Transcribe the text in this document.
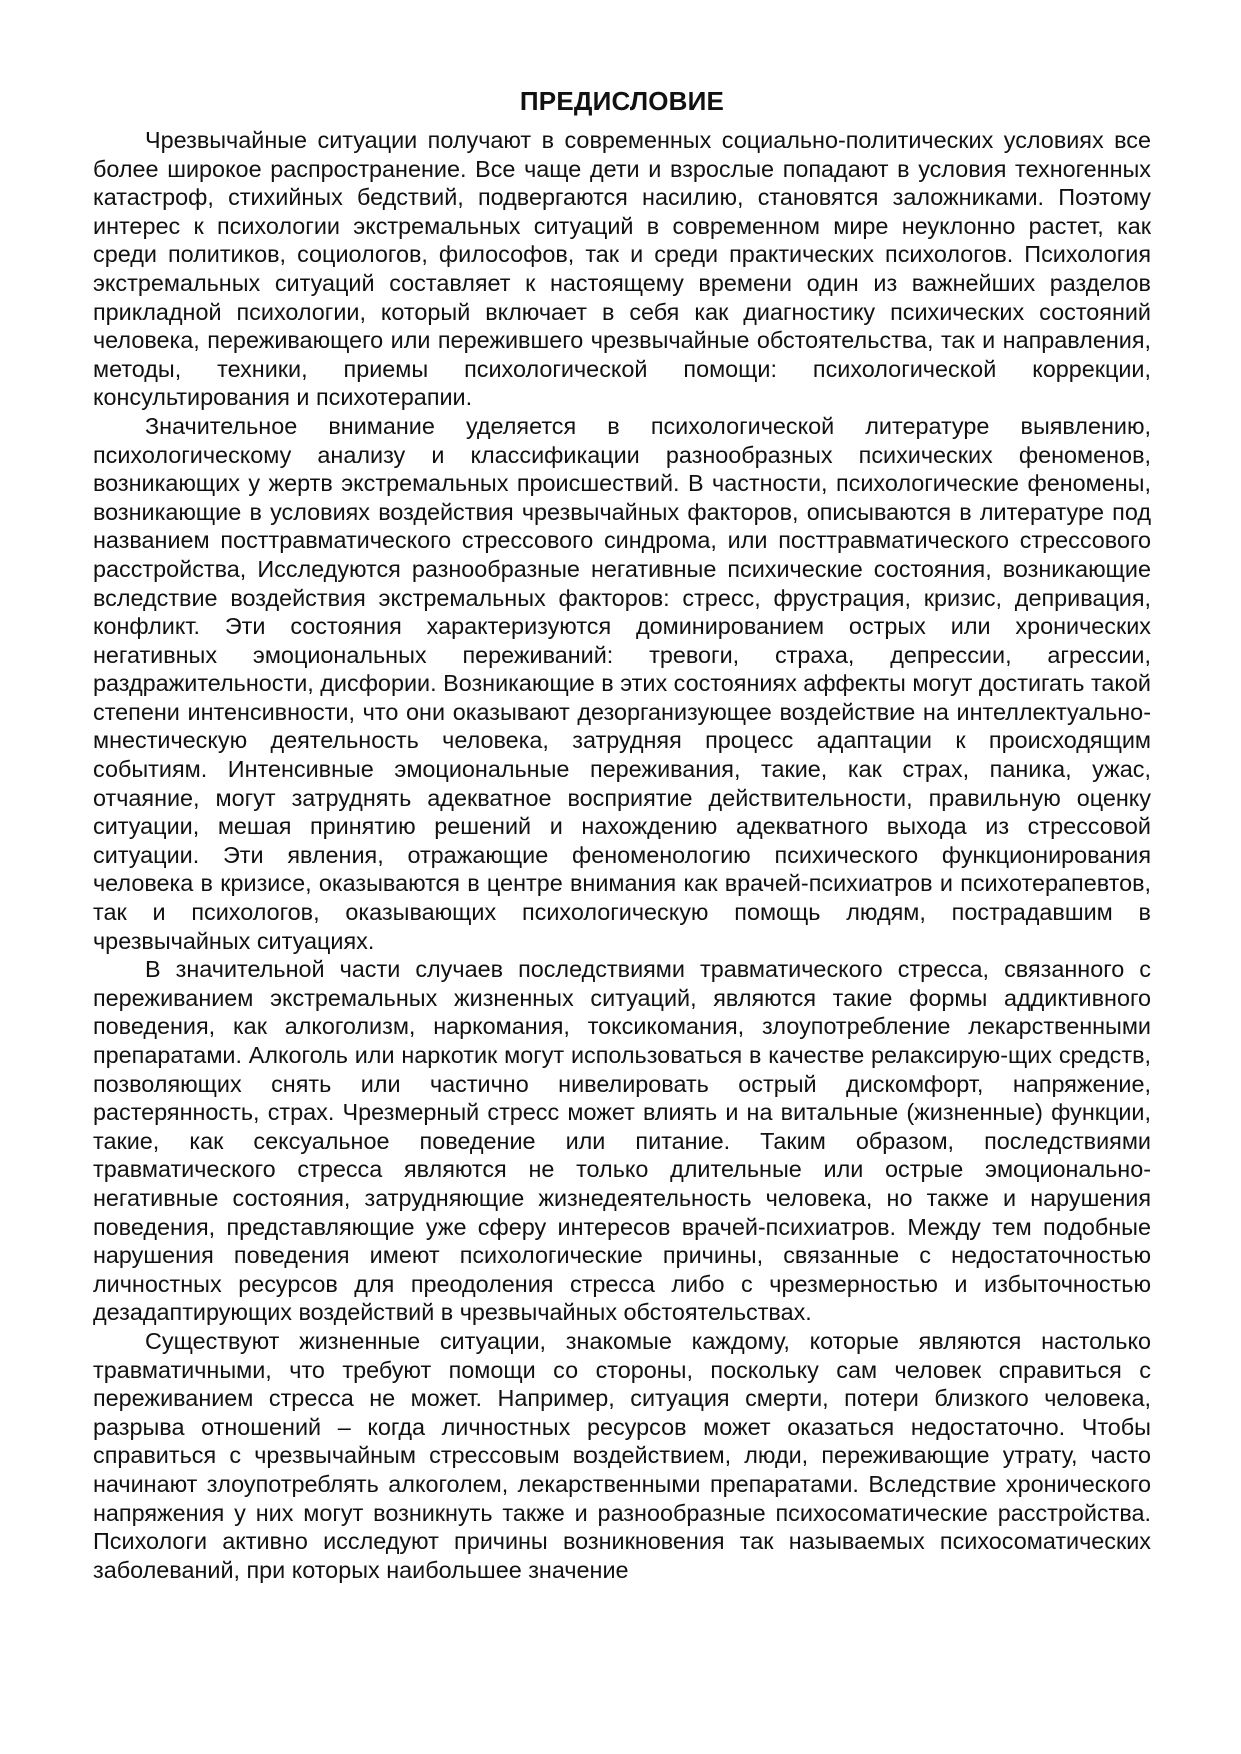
ПРЕДИСЛОВИЕ

Чрезвычайные ситуации получают в современных социально-политических условиях все более широкое распространение. Все чаще дети и взрослые попадают в условия техногенных катастроф, стихийных бедствий, подвергаются насилию, становятся заложниками. Поэтому интерес к психологии экстремальных ситуаций в современном мире неуклонно растет, как среди политиков, социологов, философов, так и среди практических психологов. Психология экстремальных ситуаций составляет к настоящему времени один из важнейших разделов прикладной психологии, который включает в себя как диагностику психических состояний человека, переживающего или пережившего чрезвычайные обстоятельства, так и направления, методы, техники, приемы психологической помощи: психологической коррекции, консультирования и психотерапии.

Значительное внимание уделяется в психологической литературе выявлению, психологическому анализу и классификации разнообразных психических феноменов, возникающих у жертв экстремальных происшествий. В частности, психологические феномены, возникающие в условиях воздействия чрезвычайных факторов, описываются в литературе под названием посттравматического стрессового синдрома, или посттравматического стрессового расстройства, Исследуются разнообразные негативные психические состояния, возникающие вследствие воздействия экстремальных факторов: стресс, фрустрация, кризис, депривация, конфликт. Эти состояния характеризуются доминированием острых или хронических негативных эмоциональных переживаний: тревоги, страха, депрессии, агрессии, раздражительности, дисфории. Возникающие в этих состояниях аффекты могут достигать такой степени интенсивности, что они оказывают дезорганизующее воздействие на интеллектуально-мнестическую деятельность человека, затрудняя процесс адаптации к происходящим событиям. Интенсивные эмоциональные переживания, такие, как страх, паника, ужас, отчаяние, могут затруднять адекватное восприятие действительности, правильную оценку ситуации, мешая принятию решений и нахождению адекватного выхода из стрессовой ситуации. Эти явления, отражающие феноменологию психического функционирования человека в кризисе, оказываются в центре внимания как врачей-психиатров и психотерапевтов, так и психологов, оказывающих психологическую помощь людям, пострадавшим в чрезвычайных ситуациях.

В значительной части случаев последствиями травматического стресса, связанного с переживанием экстремальных жизненных ситуаций, являются такие формы аддиктивного поведения, как алкоголизм, наркомания, токсикомания, злоупотребление лекарственными препаратами. Алкоголь или наркотик могут использоваться в качестве релаксирую-щих средств, позволяющих снять или частично нивелировать острый дискомфорт, напряжение, растерянность, страх. Чрезмерный стресс может влиять и на витальные (жизненные) функции, такие, как сексуальное поведение или питание. Таким образом, последствиями травматического стресса являются не только длительные или острые эмоционально-негативные состояния, затрудняющие жизнедеятельность человека, но также и нарушения поведения, представляющие уже сферу интересов врачей-психиатров. Между тем подобные нарушения поведения имеют психологические причины, связанные с недостаточностью личностных ресурсов для преодоления стресса либо с чрезмерностью и избыточностью дезадаптирующих воздействий в чрезвычайных обстоятельствах.

Существуют жизненные ситуации, знакомые каждому, которые являются настолько травматичными, что требуют помощи со стороны, поскольку сам человек справиться с переживанием стресса не может. Например, ситуация смерти, потери близкого человека, разрыва отношений – когда личностных ресурсов может оказаться недостаточно. Чтобы справиться с чрезвычайным стрессовым воздействием, люди, переживающие утрату, часто начинают злоупотреблять алкоголем, лекарственными препаратами. Вследствие хронического напряжения у них могут возникнуть также и разнообразные психосоматические расстройства. Психологи активно исследуют причины возникновения так называемых психосоматических заболеваний, при которых наибольшее значение
